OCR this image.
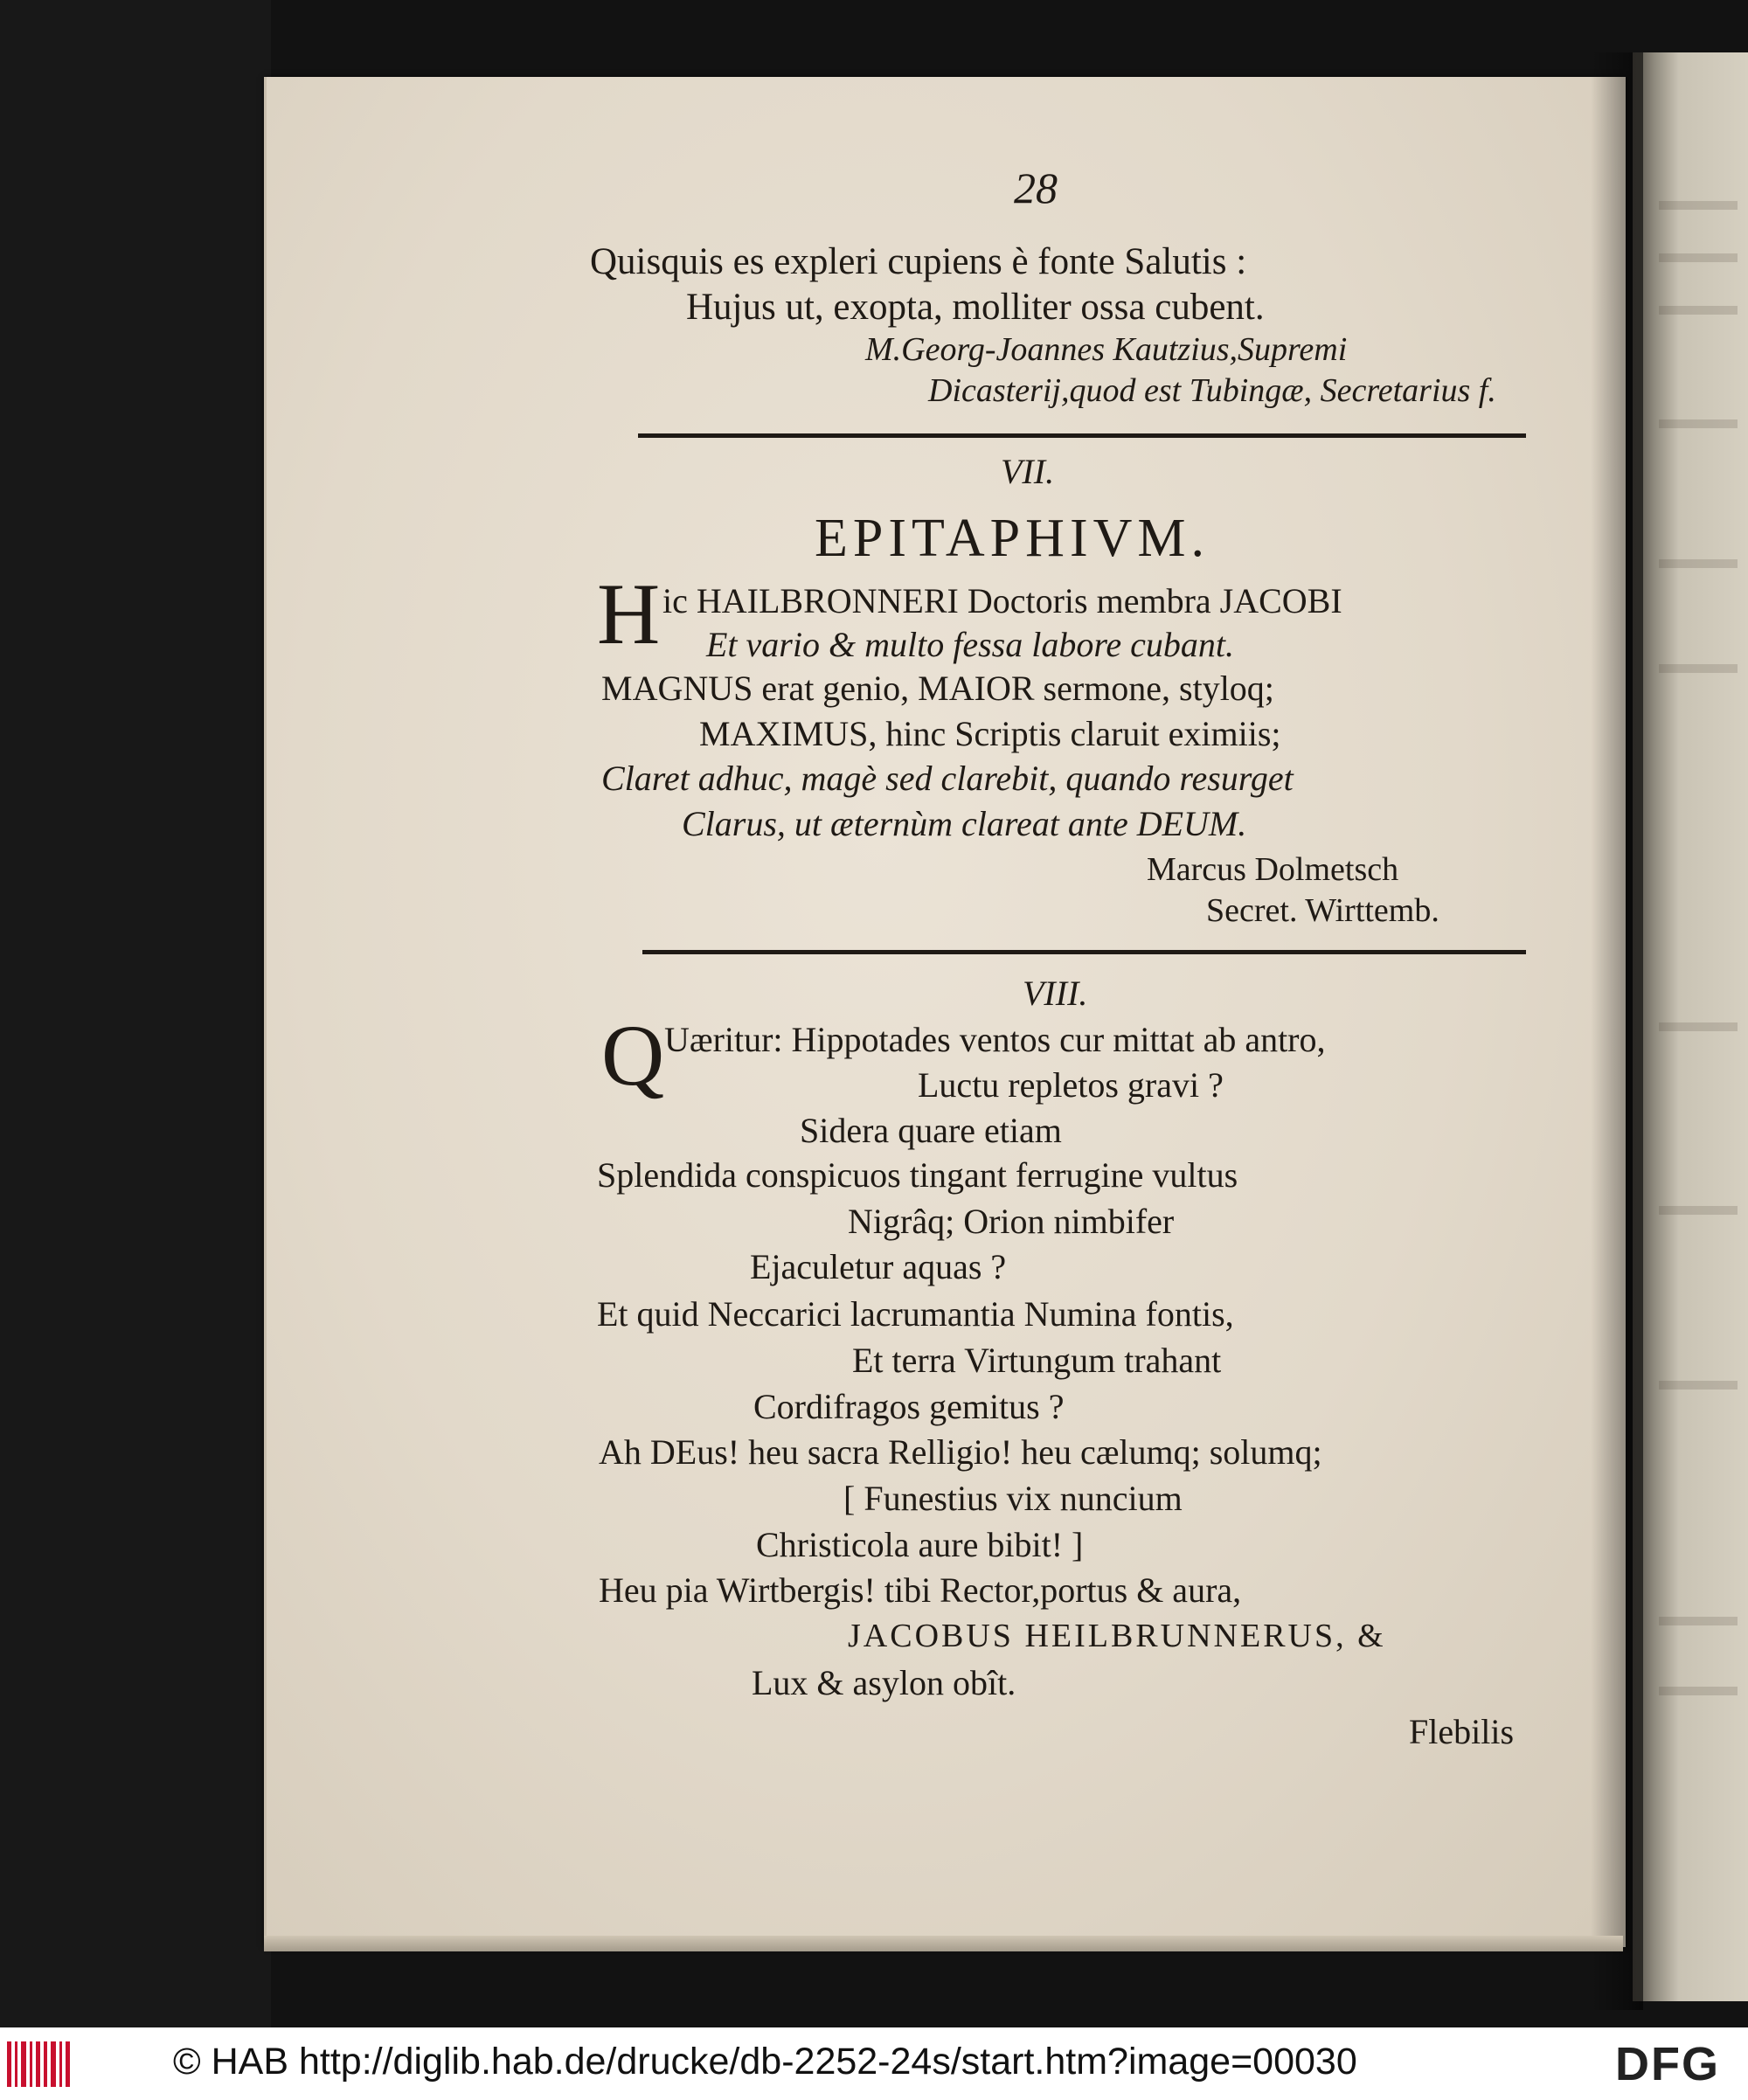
28
Quisquis es expleri cupiens è fonte Salutis :
Hujus ut, exopta, molliter ossa cubent.
M.Georg-Joannes Kautzius,Supremi
Dicasterij,quod est Tubingæ, Secretarius f.
VII.
EPITAPHIVM.
H ic HAILBRONNERI Doctoris membra JACOBI
Et vario & multo fessa labore cubant.
MAGNUS erat genio, MAIOR sermone, styloq;
MAXIMUS, hinc Scriptis claruit eximiis;
Claret adhuc, magè sed clarebit, quando resurget
Clarus, ut æternùm clareat ante DEUM.
Marcus Dolmetsch
Secret. Wirttemb.
VIII.
Q Uæritur: Hippotades ventos cur mittat ab antro,
Luctu repletos gravi ?
Sidera quare etiam
Splendida conspicuos tingant ferrugine vultus
Nigrâq; Orion nimbifer
Ejaculetur aquas ?
Et quid Neccarici lacrumantia Numina fontis,
Et terra Virtungum trahant
Cordifragos gemitus ?
Ah DEus! heu sacra Relligio! heu cælumq; solumq;
[ Funestius vix nuncium
Christicola aure bibit! ]
Heu pia Wirtbergis! tibi Rector,portus & aura,
JACOBUS HEILBRUNNERUS, &
Lux & asylon obît.
Flebilis
© HAB http://diglib.hab.de/drucke/db-2252-24s/start.htm?image=00030	DFG
